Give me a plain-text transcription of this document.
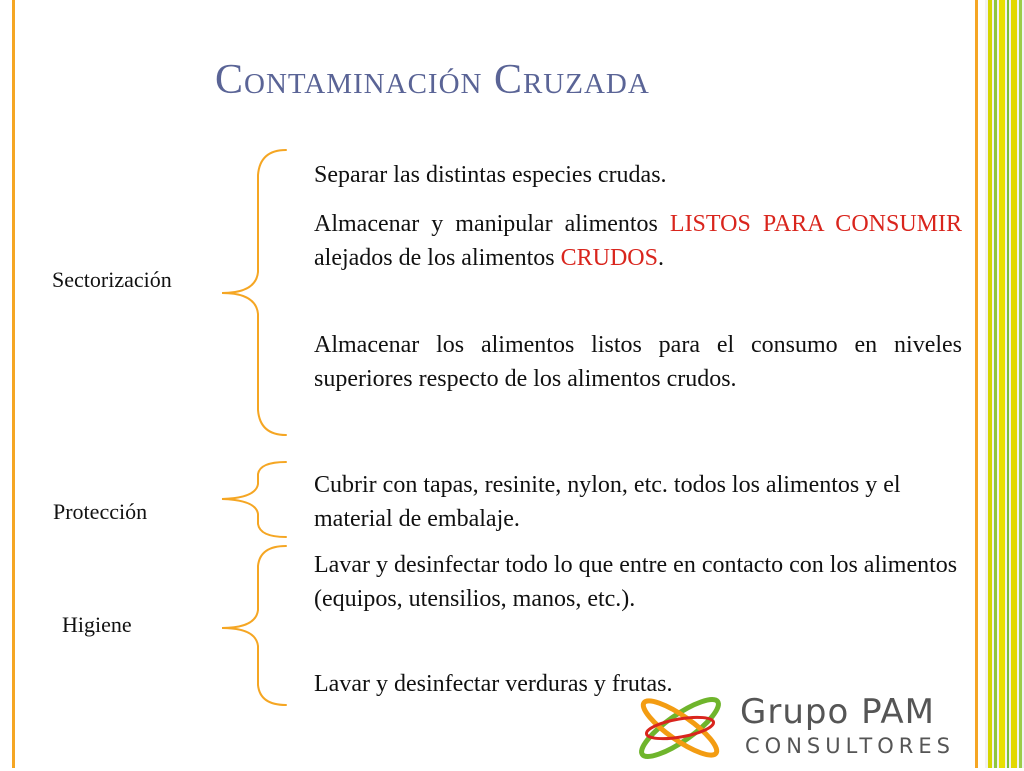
Contaminación Cruzada
Sectorización
Protección
Higiene
Separar las distintas especies crudas.
Almacenar y manipular alimentos LISTOS PARA CONSUMIR alejados de los alimentos CRUDOS.
Almacenar los alimentos listos para el consumo en niveles superiores respecto de los alimentos crudos.
Cubrir con tapas, resinite, nylon, etc. todos los alimentos y el material de embalaje.
Lavar y desinfectar todo lo que entre en contacto con los alimentos (equipos, utensilios, manos, etc.).
Lavar y desinfectar verduras y frutas.
Grupo PAM
CONSULTORES
